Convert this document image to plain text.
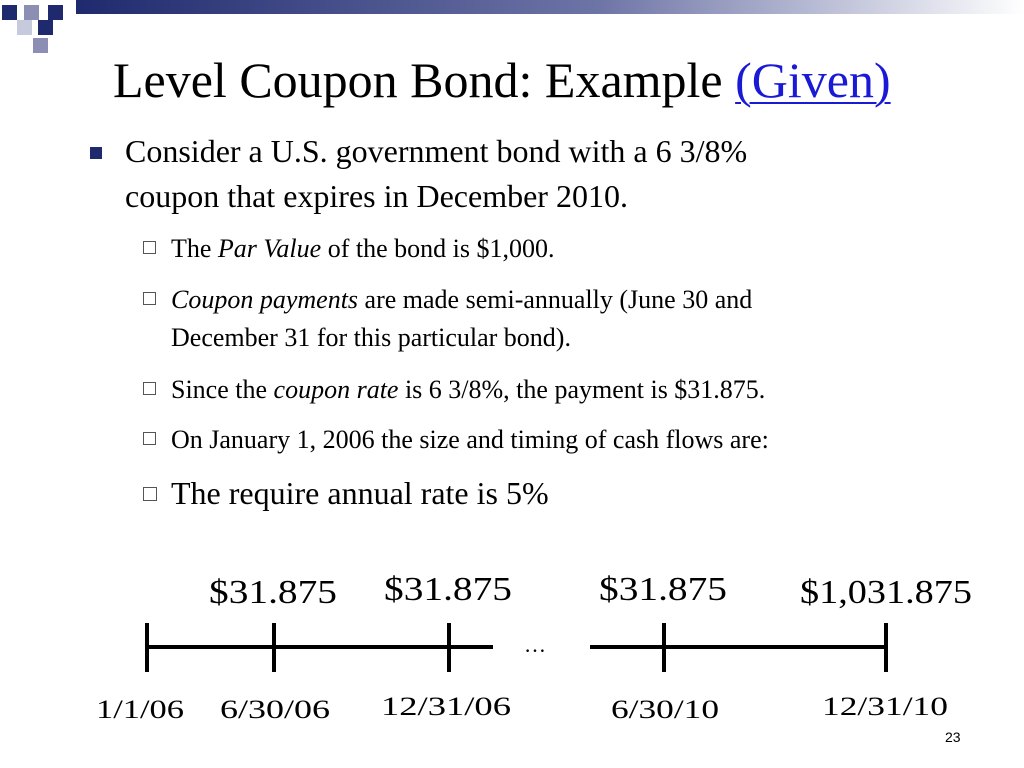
Level Coupon Bond: Example (Given)

Consider a U.S. government bond with a 6 3/8%
coupon that expires in December 2010.

The Par Value of the bond is $1,000.
Coupon payments are made semi-annually (June 30 and
December 31 for this particular bond).
Since the coupon rate is 6 3/8%, the payment is $31.875.
On January 1, 2006 the size and timing of cash flows are:
The require annual rate is 5%
…
$31.875 $31.875	$31.875 $1,031.875
1/1/06 6/30/06 12/31/06	6/30/10	12/31/10
23
